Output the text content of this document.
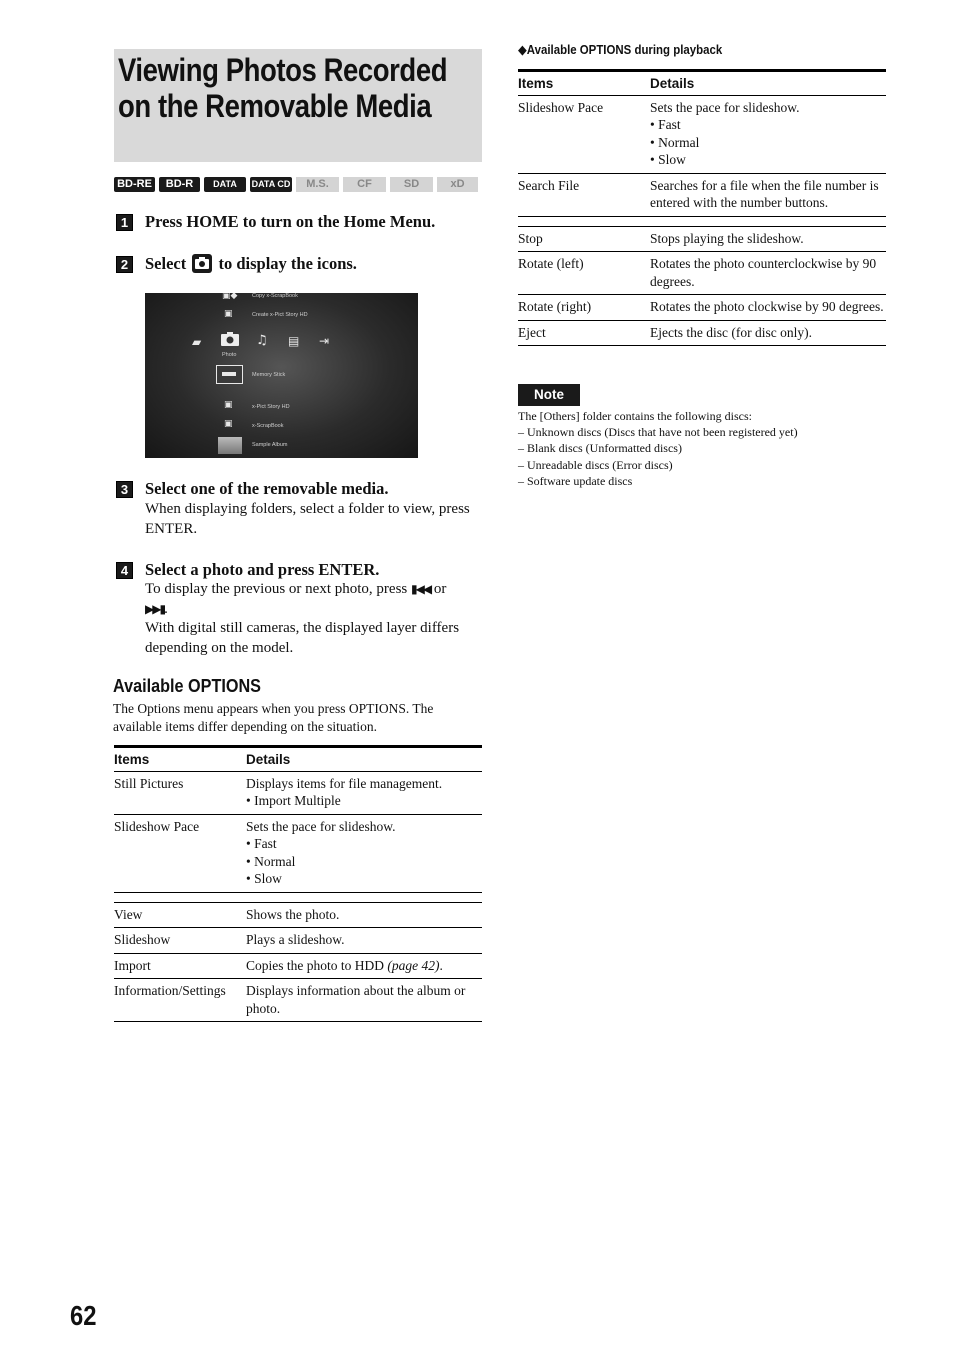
Viewing Photos Recorded
on the Removable Media
BD-RE	BD-R	DATA DVD
DATA CD	M.S.	CF	SD	xD
1 Press HOME to turn on the Home Menu.
2 Select to display the icons.
▣◆	Copy x-ScrapBook
▣	Create x-Pict Story HD
▰
Photo
♫ ▤ ⇥
Memory Stick
▣	x-Pict Story HD
▣	x-ScrapBook
Sample Album
3 Select one of the removable media.
When displaying folders, select a folder to view, press ENTER.
4 Select a photo and press ENTER.
To display the previous or next photo, press ▮◀◀ or
▶▶▮.
With digital still cameras, the displayed layer differs depending on the model.
Available OPTIONS
The Options menu appears when you press OPTIONS. The available items differ depending on the situation.
Items	Details
Still Pictures	Displays items for file management.
• Import Multiple

Slideshow Pace	Sets the pace for slideshow.
• Fast
• Normal
• Slow

View	Shows the photo.
Slideshow	Plays a slideshow.
Import	Copies the photo to HDD (page 42).
Information/Settings	Displays information about the album or photo.
◆Available OPTIONS during playback
Items	Details
Slideshow Pace	Sets the pace for slideshow.
• Fast
• Normal
• Slow

Search File	Searches for a file when the file number is entered with the number buttons.

Stop	Stops playing the slideshow.
Rotate (left)	Rotates the photo counterclockwise by 90 degrees.
Rotate (right)	Rotates the photo clockwise by 90 degrees.
Eject	Ejects the disc (for disc only).
Note
The [Others] folder contains the following discs:
– Unknown discs (Discs that have not been registered yet)
– Blank discs (Unformatted discs)
– Unreadable discs (Error discs)
– Software update discs
62
